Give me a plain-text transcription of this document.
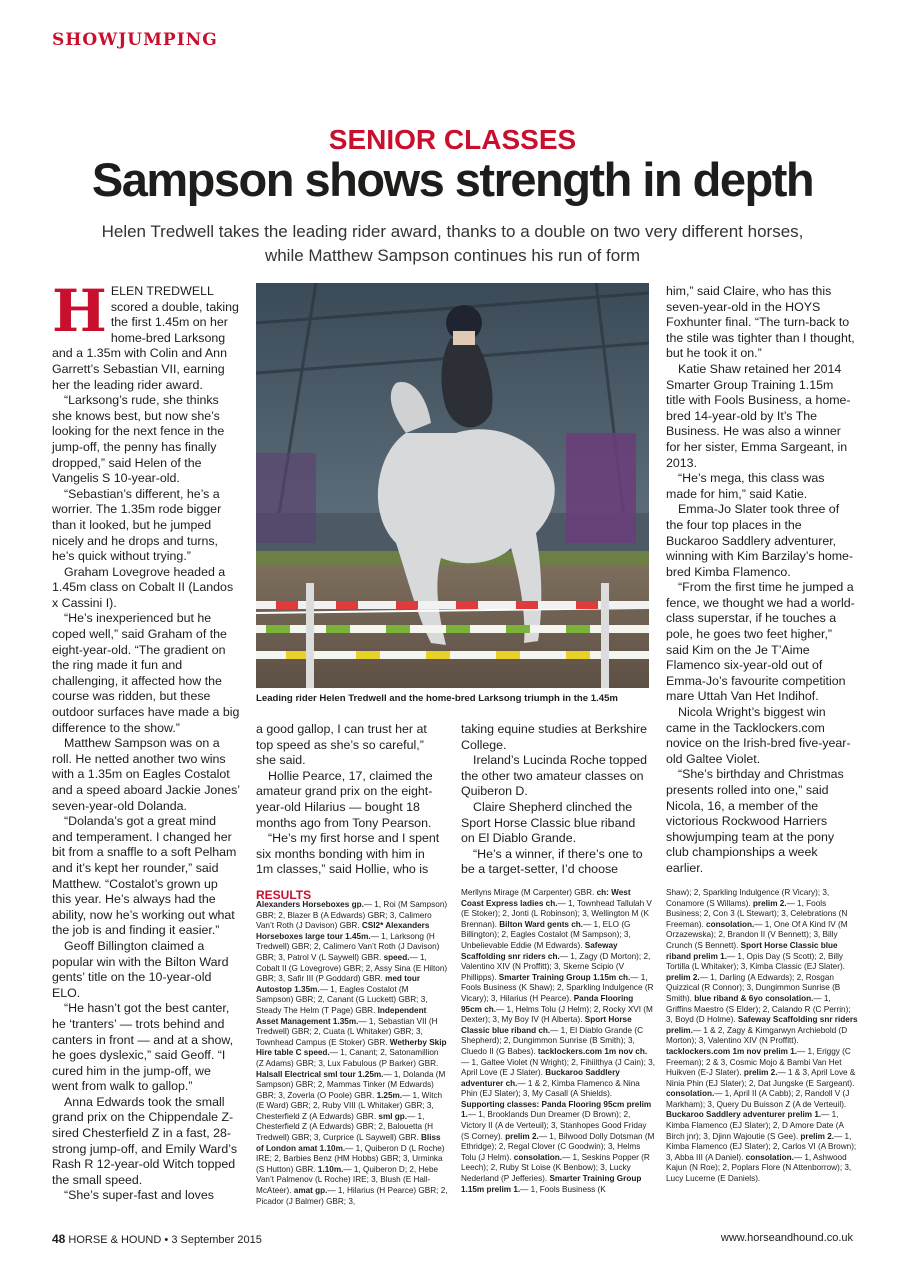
SHOWJUMPING
SENIOR CLASSES
Sampson shows strength in depth
Helen Tredwell takes the leading rider award, thanks to a double on two very different horses, while Matthew Sampson continues his run of form

HELEN TREDWELL scored a double, taking the first 1.45m on her home-bred Larksong and a 1.35m with Colin and Ann Garrett’s Sebastian VII, earning her the leading rider award.

“Larksong’s rude, she thinks she knows best, but now she’s looking for the next fence in the jump-off, the penny has finally dropped,” said Helen of the Vangelis S 10-year-old.

“Sebastian’s different, he’s a worrier. The 1.35m rode bigger than it looked, but he jumped nicely and he drops and turns, he’s quick without trying.”

Graham Lovegrove headed a 1.45m class on Cobalt II (Landos x Cassini I).

“He’s inexperienced but he coped well,” said Graham of the eight-year-old. “The gradient on the ring made it fun and challenging, it affected how the course was ridden, but these outdoor surfaces have made a big difference to the show.”

Matthew Sampson was on a roll. He netted another two wins with a 1.35m on Eagles Costalot and a speed aboard Jackie Jones’ seven-year-old Dolanda.

“Dolanda’s got a great mind and temperament. I changed her bit from a snaffle to a soft Pelham and it’s kept her rounder,” said Matthew. “Costalot’s grown up this year. He’s always had the ability, now he’s working out what the job is and finding it easier.”

Geoff Billington claimed a popular win with the Bilton Ward gents’ title on the 10-year-old ELO.

“He hasn’t got the best canter, he ‘tranters’ — trots behind and canters in front — and at a show, he goes dyslexic,” said Geoff. “I cured him in the jump-off, we went from walk to gallop.”

Anna Edwards took the small grand prix on the Chippendale Z-sired Chesterfield Z in a fast, 28-strong jump-off, and Emily Ward’s Rash R 12-year-old Witch topped the small speed.

“She’s super-fast and loves

a good gallop, I can trust her at top speed as she’s so careful,” she said.

Hollie Pearce, 17, claimed the amateur grand prix on the eight-year-old Hilarius — bought 18 months ago from Tony Pearson.

“He’s my first horse and I spent six months bonding with him in 1m classes,” said Hollie, who is

taking equine studies at Berkshire College.

Ireland’s Lucinda Roche topped the other two amateur classes on Quiberon D.

Claire Shepherd clinched the Sport Horse Classic blue riband on El Diablo Grande.

“He’s a winner, if there’s one to be a target-setter, I’d choose

him,” said Claire, who has this seven-year-old in the HOYS Foxhunter final. “The turn-back to the stile was tighter than I thought, but he took it on.”

Katie Shaw retained her 2014 Smarter Group Training 1.15m title with Fools Business, a home-bred 14-year-old by It’s The Business. He was also a winner for her sister, Emma Sargeant, in 2013.

“He’s mega, this class was made for him,” said Katie.

Emma-Jo Slater took three of the four top places in the Buckaroo Saddlery adventurer, winning with Kim Barzilay’s home-bred Kimba Flamenco.

“From the first time he jumped a fence, we thought we had a world-class superstar, if he touches a pole, he goes two feet higher,” said Kim on the Je T’Aime Flamenco six-year-old out of Emma-Jo’s favourite competition mare Uttah Van Het Indihof.

Nicola Wright’s biggest win came in the Tacklockers.com novice on the Irish-bred five-year-old Galtee Violet.

“She’s birthday and Christmas presents rolled into one,” said Nicola, 16, a member of the victorious Rockwood Harriers showjumping team at the pony club championships a week earlier.

Leading rider Helen Tredwell and the home-bred Larksong triumph in the 1.45m
RESULTS
Alexanders Horseboxes gp.— 1, Roi (M Sampson) GBR; 2, Blazer B (A Edwards) GBR; 3, Calimero Van’t Roth (J Davison) GBR. CSI2* Alexanders Horseboxes large tour 1.45m.— 1, Larksong (H Tredwell) GBR; 2, Calimero Van’t Roth (J Davison) GBR; 3, Patrol V (L Saywell) GBR. speed.— 1, Cobalt II (G Lovegrove) GBR; 2, Assy Sina (E Hilton) GBR; 3, Safir III (P Goddard) GBR. med tour Autostop 1.35m.— 1, Eagles Costalot (M Sampson) GBR; 2, Canant (G Luckett) GBR; 3, Steady The Helm (T Page) GBR. Independent Asset Management 1.35m.— 1, Sebastian VII (H Tredwell) GBR; 2, Cuata (L Whitaker) GBR; 3, Townhead Campus (E Stoker) GBR. Wetherby Skip Hire table C speed.— 1, Canant; 2, Satonamillion (Z Adams) GBR; 3, Lux Fabulous (P Barker) GBR. Halsall Electrical sml tour 1.25m.— 1, Dolanda (M Sampson) GBR; 2, Mammas Tinker (M Edwards) GBR; 3, Zoverla (O Poole) GBR. 1.25m.— 1, Witch (E Ward) GBR; 2, Ruby VIII (L Whitaker) GBR; 3, Chesterfield Z (A Edwards) GBR. sml gp.— 1, Chesterfield Z (A Edwards) GBR; 2, Balouetta (H Tredwell) GBR; 3, Curprice (L Saywell) GBR. Bliss of London amat 1.10m.— 1, Quiberon D (L Roche) IRE; 2, Barbies Benz (HM Hobbs) GBR; 3, Urminka (S Hutton) GBR. 1.10m.— 1, Quiberon D; 2, Hebe Van’t Palmenov (L Roche) IRE; 3, Blush (E Hall-McAteer). amat gp.— 1, Hilarius (H Pearce) GBR; 2, Picador (J Balmer) GBR; 3,
Merllyns Mirage (M Carpenter) GBR. ch: West Coast Express ladies ch.— 1, Townhead Tallulah V (E Stoker); 2, Jonti (L Robinson); 3, Wellington M (K Brennan). Bilton Ward gents ch.— 1, ELO (G Billington); 2, Eagles Costalot (M Sampson); 3, Unbelievable Eddie (M Edwards). Safeway Scaffolding snr riders ch.— 1, Zagy (D Morton); 2, Valentino XIV (N Proffitt); 3, Skerne Scipio (V Phillipps). Smarter Training Group 1.15m ch.— 1, Fools Business (K Shaw); 2, Sparkling Indulgence (R Vicary); 3, Hilarius (H Pearce). Panda Flooring 95cm ch.— 1, Helms Tolu (J Helm); 2, Rocky XVI (M Dexter); 3, My Boy IV (H Alberta). Sport Horse Classic blue riband ch.— 1, El Diablo Grande (C Shepherd); 2, Dungimmon Sunrise (B Smith); 3, Cluedo II (G Babes). tacklockers.com 1m nov ch.— 1, Galtee Violet (N Wright); 2, Fihiilthya (J Cain); 3, April Love (E J Slater). Buckaroo Saddlery adventurer ch.— 1 & 2, Kimba Flamenco & Nina Phin (EJ Slater); 3, My Casall (A Shields). Supporting classes: Panda Flooring 95cm prelim 1.— 1, Brooklands Dun Dreamer (D Brown); 2, Victory II (A de Verteuil); 3, Stanhopes Good Friday (S Corney). prelim 2.— 1, Bilwood Dolly Dotsman (M Ethridge); 2, Regal Clover (C Goodwin); 3, Helms Tolu (J Helm). consolation.— 1, Seskins Popper (R Leech); 2, Ruby St Loise (K Benbow); 3, Lucky Nederland (P Jefferies). Smarter Training Group 1.15m prelim 1.— 1, Fools Business (K
Shaw); 2, Sparkling Indulgence (R Vicary); 3, Conamore (S Willams). prelim 2.— 1, Fools Business; 2, Con 3 (L Stewart); 3, Celebrations (N Freeman). consolation.— 1, One Of A Kind IV (M Orzazewska); 2, Brandon II (V Bennett); 3, Billy Crunch (S Bennett). Sport Horse Classic blue riband prelim 1.— 1, Opis Day (S Scott); 2, Billy Tortilla (L Whitaker); 3, Kimba Classic (EJ Slater). prelim 2.— 1, Darling (A Edwards); 2, Rosgan Quizzical (R Connor); 3, Dungimmon Sunrise (B Smith). blue riband & 6yo consolation.— 1, Griffins Maestro (S Elder); 2, Calando R (C Perrin); 3, Boyd (D Holme). Safeway Scaffolding snr riders prelim.— 1 & 2, Zagy & Kimgarwyn Archiebold (D Morton); 3, Valentino XIV (N Proffitt). tacklockers.com 1m nov prelim 1.— 1, Eriggy (C Freeman); 2 & 3, Cosmic Mojo & Bambi Van Het Huikven (E-J Slater). prelim 2.— 1 & 3, April Love & Ninia Phin (EJ Slater); 2, Dat Jungske (E Sargeant). consolation.— 1, April II (A Cabb); 2, Randoll V (J Markham); 3, Query Du Buisson Z (A de Verteuil). Buckaroo Saddlery adventurer prelim 1.— 1, Kimba Flamenco (EJ Slater); 2, D Amore Date (A Birch jnr); 3, Djinn Wajoutie (S Gee). prelim 2.— 1, Kimba Flamenco (EJ Slater); 2, Carlos VI (A Brown); 3, Abba III (A Daniel). consolation.— 1, Ashwood Kajun (N Roe); 2, Poplars Flore (N Attenborrow); 3, Lucy Lucerne (E Daniels).
48 HORSE & HOUND • 3 September 2015	www.horseandhound.co.uk
